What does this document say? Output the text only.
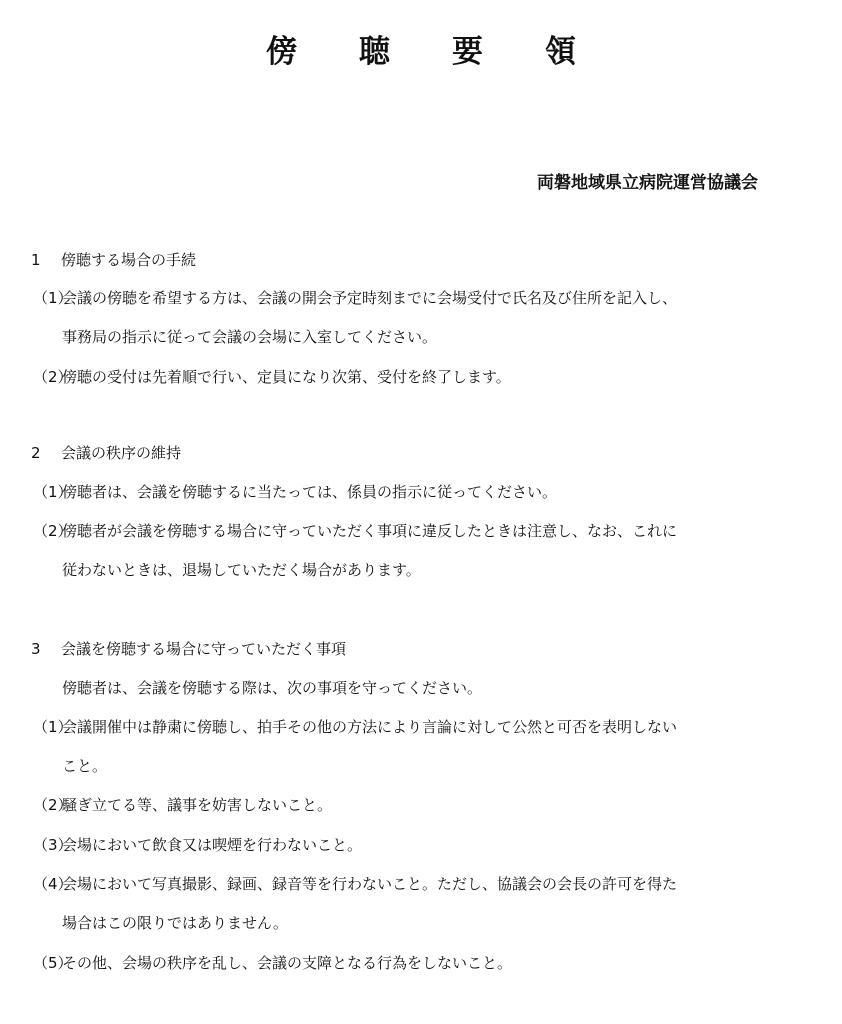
傍　聴　要　領
両磐地域県立病院運営協議会
1 傍聴する場合の手続
（1）会議の傍聴を希望する方は、会議の開会予定時刻までに会場受付で氏名及び住所を記入し、
事務局の指示に従って会議の会場に入室してください。
（2）傍聴の受付は先着順で行い、定員になり次第、受付を終了します。
2 会議の秩序の維持
（1）傍聴者は、会議を傍聴するに当たっては、係員の指示に従ってください。
（2）傍聴者が会議を傍聴する場合に守っていただく事項に違反したときは注意し、なお、これに
従わないときは、退場していただく場合があります。
3 会議を傍聴する場合に守っていただく事項
傍聴者は、会議を傍聴する際は、次の事項を守ってください。
（1）会議開催中は静粛に傍聴し、拍手その他の方法により言論に対して公然と可否を表明しない
こと。
（2）騒ぎ立てる等、議事を妨害しないこと。
（3）会場において飲食又は喫煙を行わないこと。
（4）会場において写真撮影、録画、録音等を行わないこと。ただし、協議会の会長の許可を得た
場合はこの限りではありません。
（5）その他、会場の秩序を乱し、会議の支障となる行為をしないこと。
